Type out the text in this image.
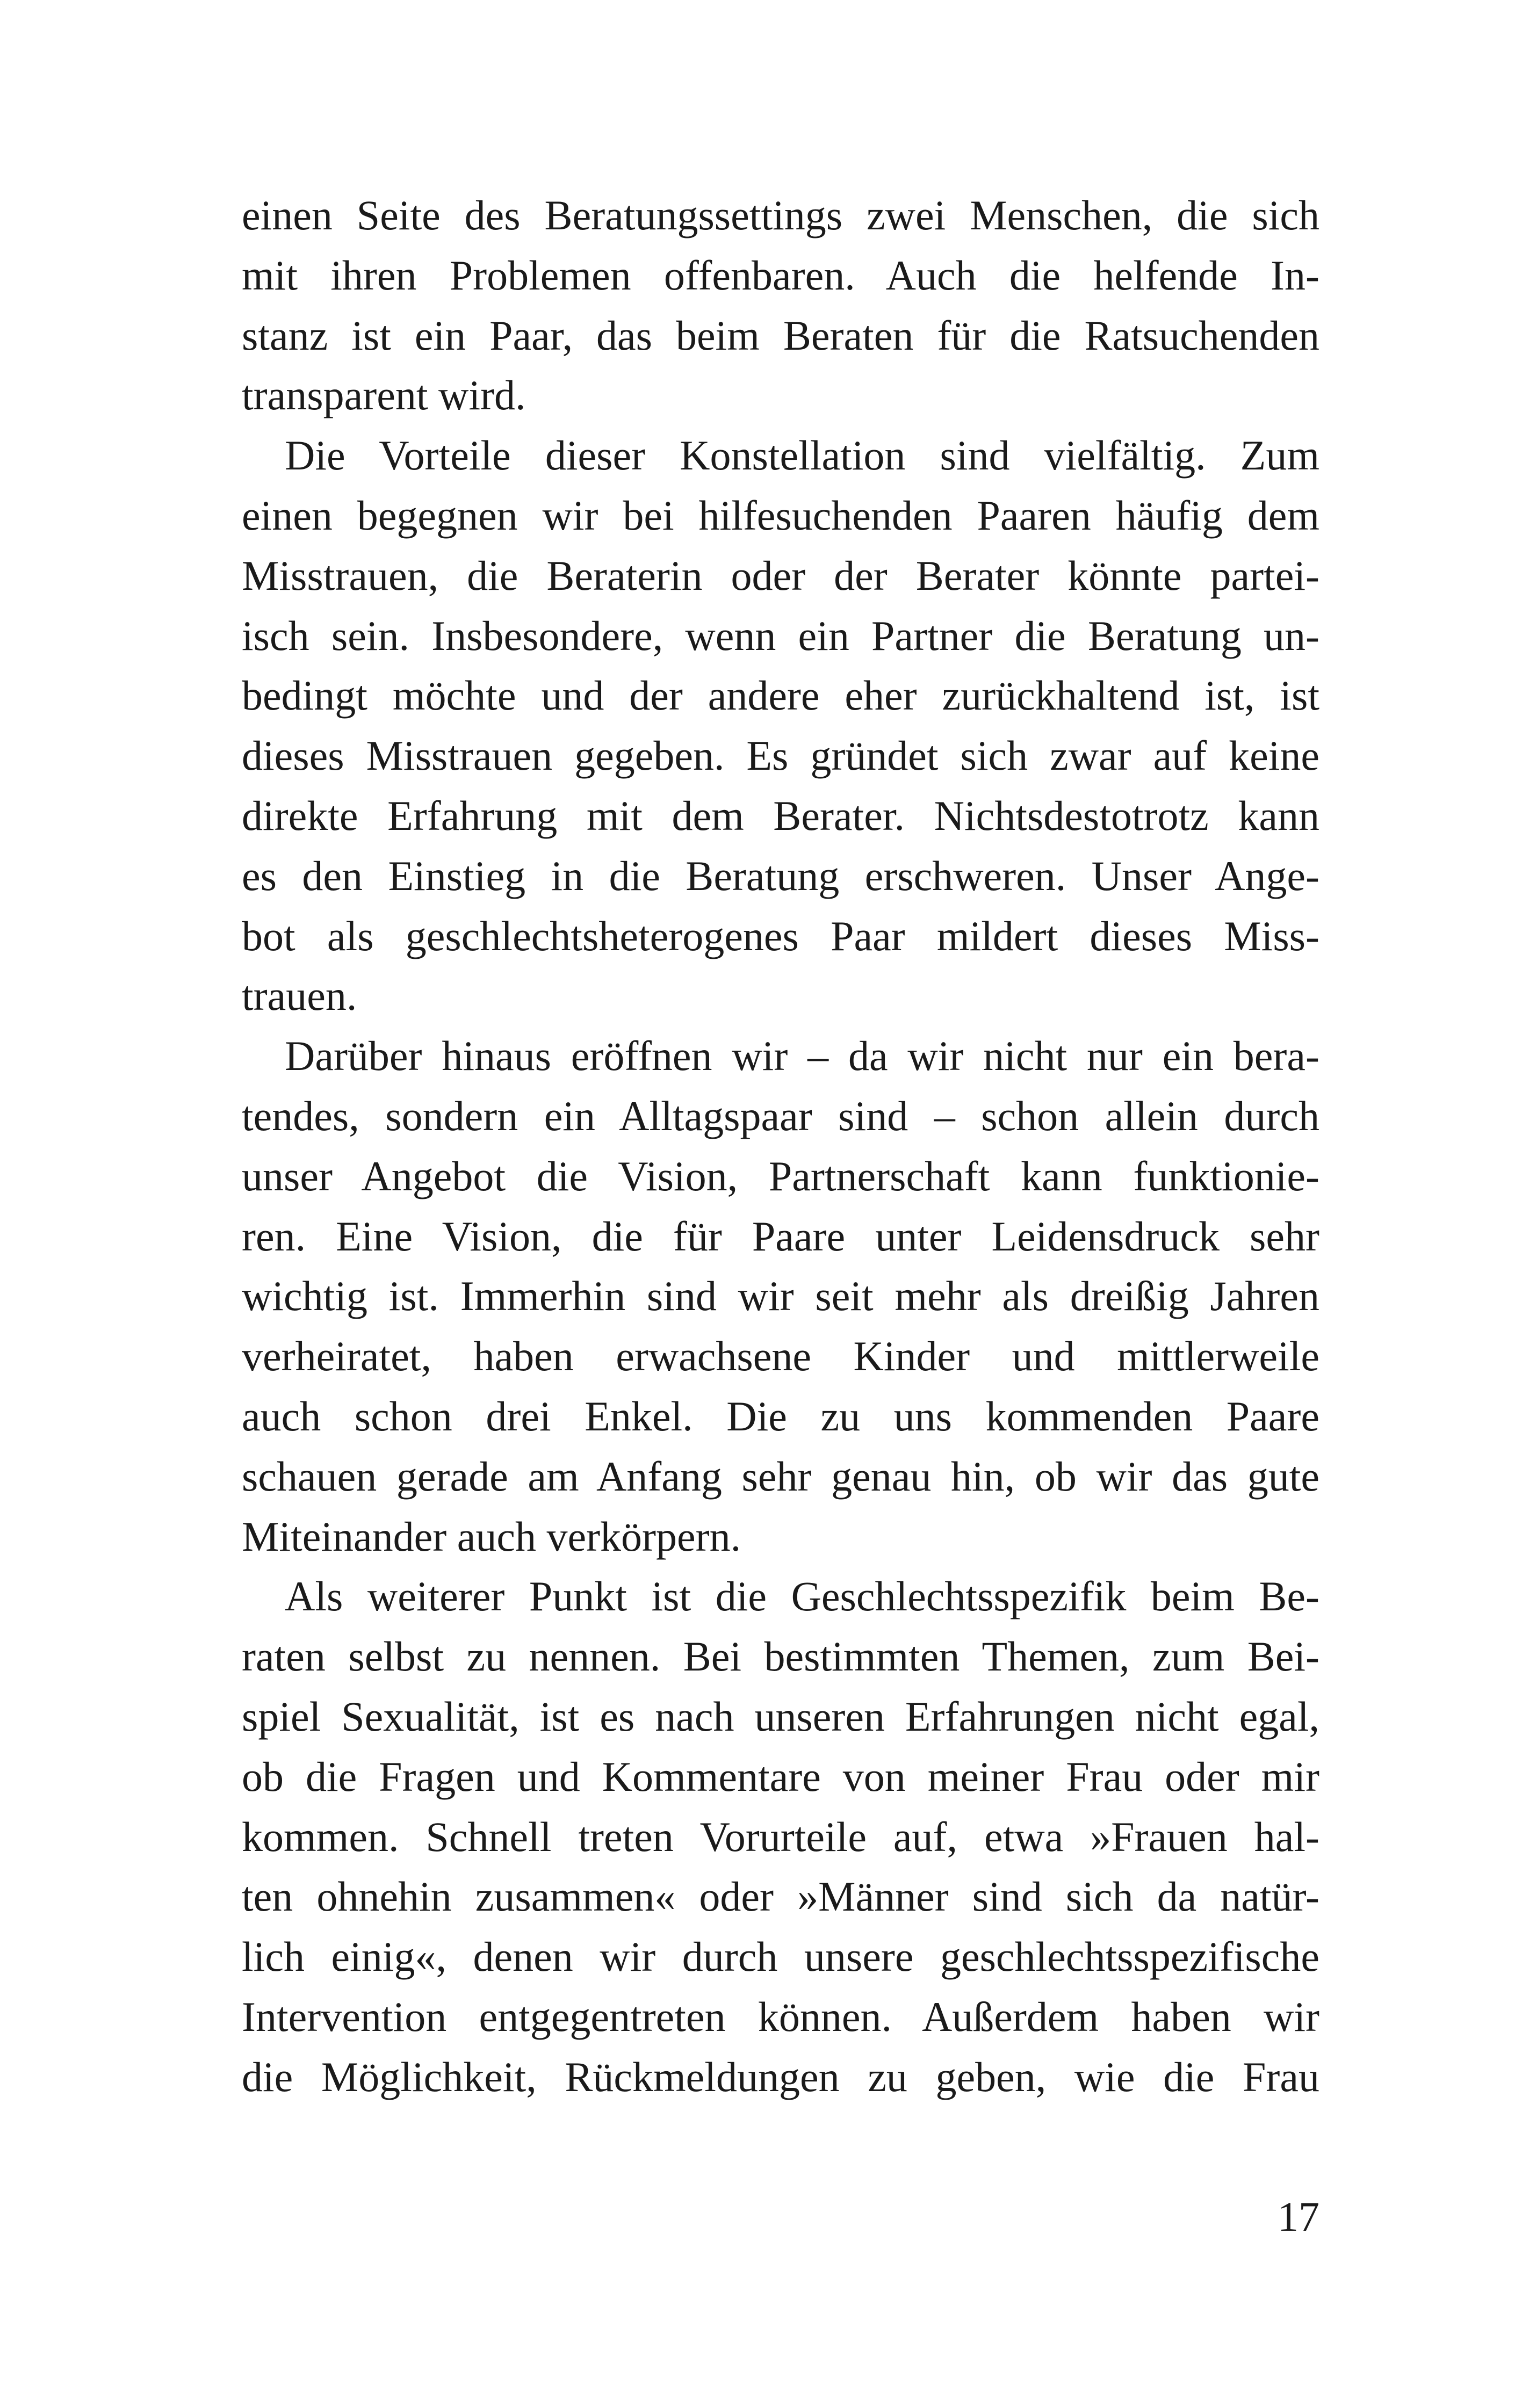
einen Seite des Beratungssettings zwei Menschen, die sich
mit ihren Problemen offenbaren. Auch die helfende In-
stanz ist ein Paar, das beim Beraten für die Ratsuchenden
transparent wird.
Die Vorteile dieser Konstellation sind vielfältig. Zum
einen begegnen wir bei hilfesuchenden Paaren häufig dem
Misstrauen, die Beraterin oder der Berater könnte partei-
isch sein. Insbesondere, wenn ein Partner die Beratung un-
bedingt möchte und der andere eher zurückhaltend ist, ist
dieses Misstrauen gegeben. Es gründet sich zwar auf keine
direkte Erfahrung mit dem Berater. Nichtsdestotrotz kann
es den Einstieg in die Beratung erschweren. Unser Ange-
bot als geschlechtsheterogenes Paar mildert dieses Miss-
trauen.
Darüber hinaus eröffnen wir – da wir nicht nur ein bera-
tendes, sondern ein Alltagspaar sind – schon allein durch
unser Angebot die Vision, Partnerschaft kann funktionie-
ren. Eine Vision, die für Paare unter Leidensdruck sehr
wichtig ist. Immerhin sind wir seit mehr als dreißig Jahren
verheiratet, haben erwachsene Kinder und mittlerweile
auch schon drei Enkel. Die zu uns kommenden Paare
schauen gerade am Anfang sehr genau hin, ob wir das gute
Miteinander auch verkörpern.
Als weiterer Punkt ist die Geschlechtsspezifik beim Be-
raten selbst zu nennen. Bei bestimmten Themen, zum Bei-
spiel Sexualität, ist es nach unseren Erfahrungen nicht egal,
ob die Fragen und Kommentare von meiner Frau oder mir
kommen. Schnell treten Vorurteile auf, etwa »Frauen hal-
ten ohnehin zusammen« oder »Männer sind sich da natür-
lich einig«, denen wir durch unsere geschlechtsspezifische
Intervention entgegentreten können. Außerdem haben wir
die Möglichkeit, Rückmeldungen zu geben, wie die Frau
17
